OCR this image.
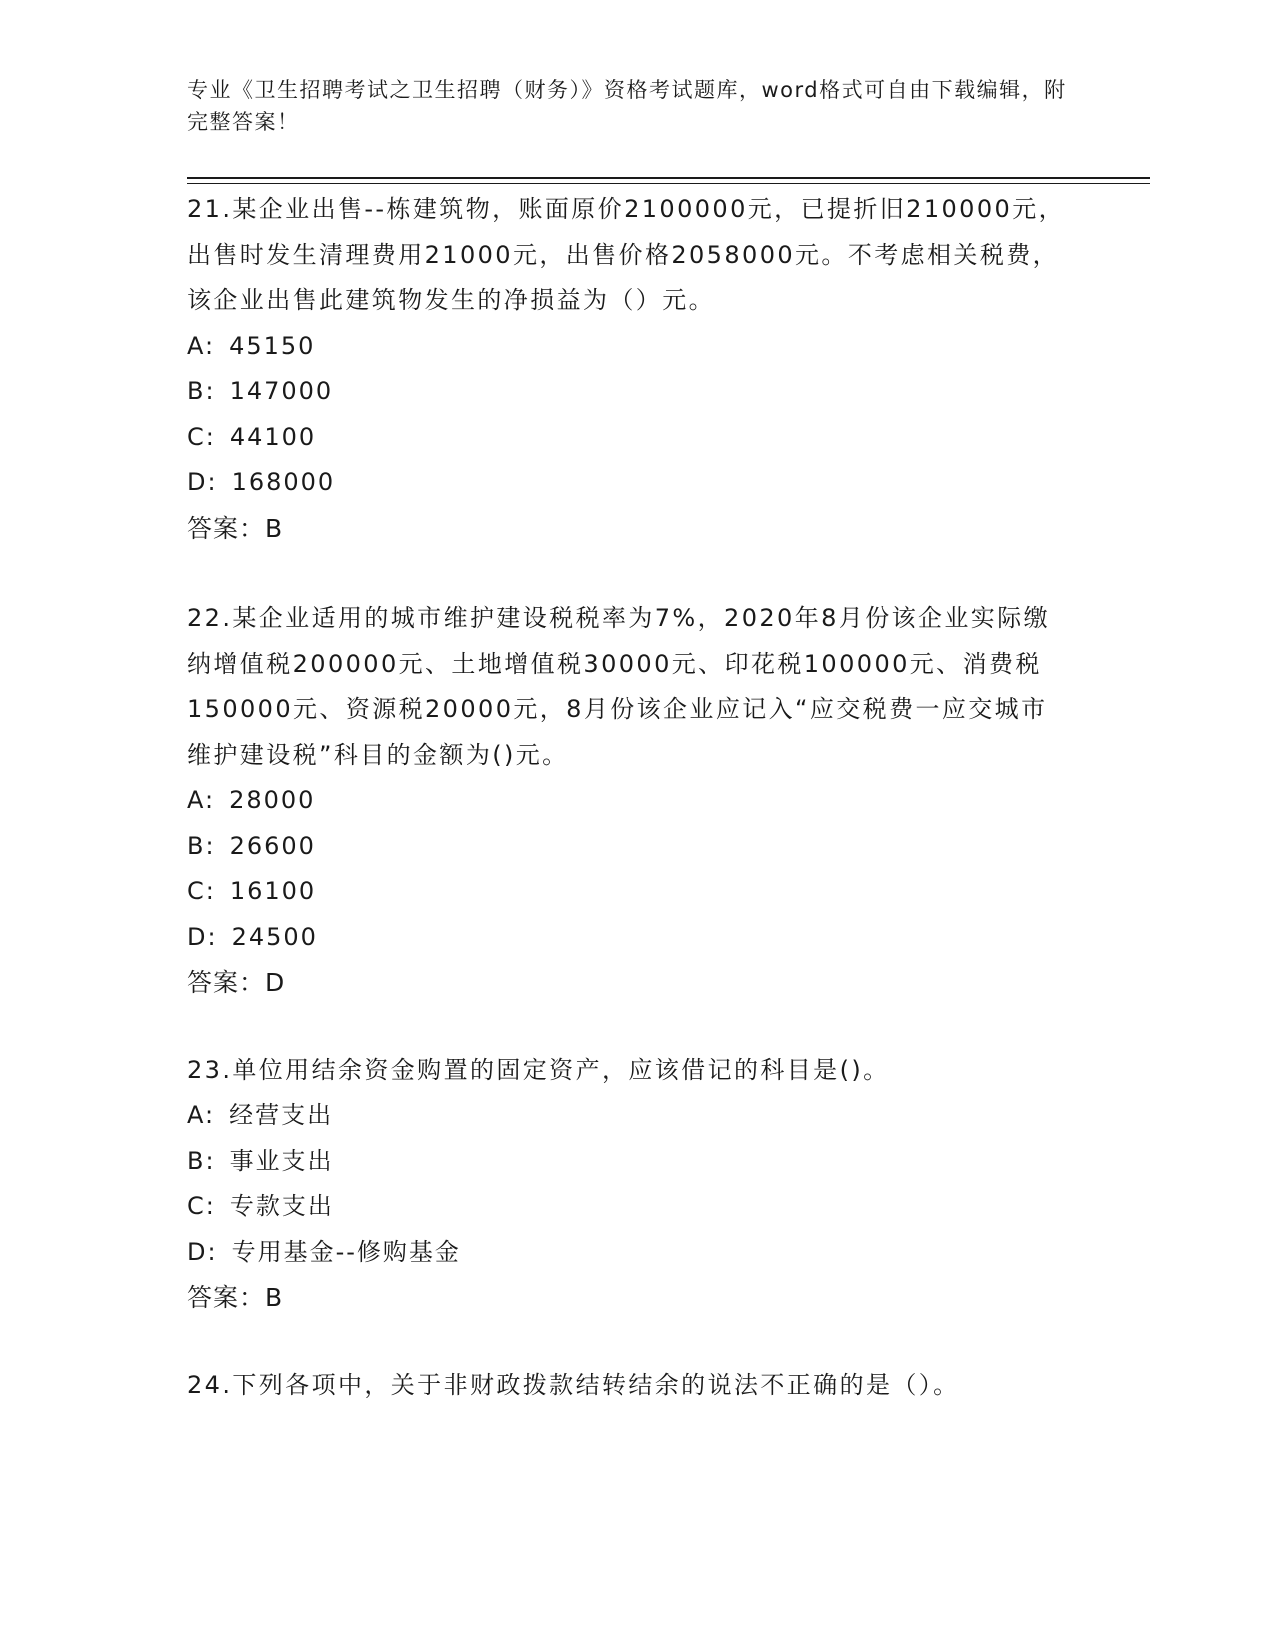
专业《卫生招聘考试之卫生招聘（财务）》资格考试题库，word格式可自由下载编辑，附完整答案！

21.某企业出售--栋建筑物，账面原价2100000元，已提折旧210000元，出售时发生清理费用21000元，出售价格2058000元。不考虑相关税费，该企业出售此建筑物发生的净损益为（）元。

A: 45150

B: 147000

C: 44100

D: 168000

答案：B

22.某企业适用的城市维护建设税税率为7%，2020年8月份该企业实际缴纳增值税200000元、土地增值税30000元、印花税100000元、消费税150000元、资源税20000元，8月份该企业应记入“应交税费一应交城市维护建设税”科目的金额为()元。

A: 28000

B: 26600

C: 16100

D: 24500

答案：D

23.单位用结余资金购置的固定资产，应该借记的科目是()。

A: 经营支出

B: 事业支出

C: 专款支出

D: 专用基金--修购基金

答案：B

24.下列各项中，关于非财政拨款结转结余的说法不正确的是（）。
